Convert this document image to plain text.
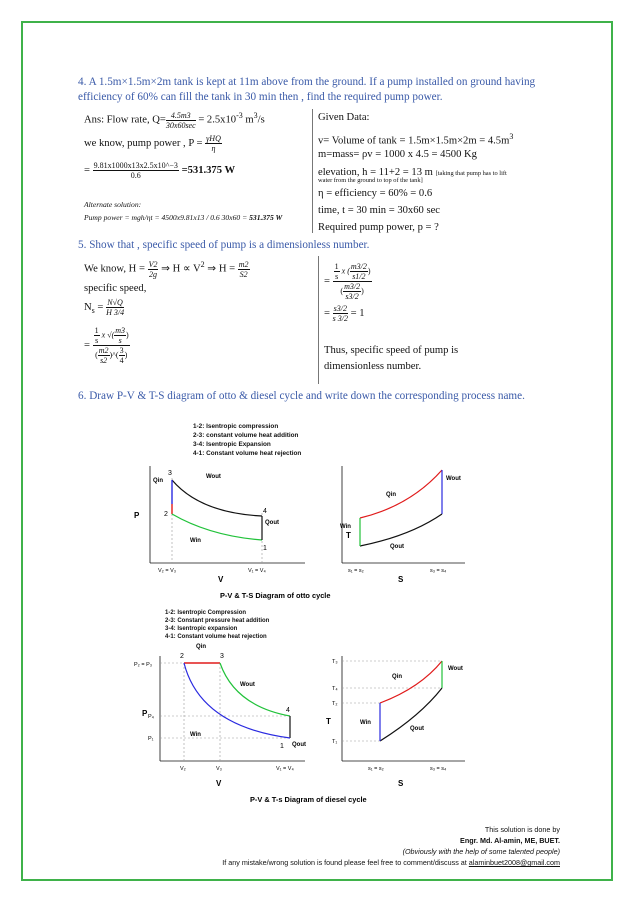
4. A 1.5m×1.5m×2m tank is kept at 11m above from the ground. If a pump installed on ground having efficiency of 60% can fill the tank in 30 min then , find the required pump power.
Ans: Flow rate, $Q= \frac{4.5m3}{30x60\sec} = 2.5x10^{-3}$ $m^3/s$
we know, pump power , $P = \frac{\text{γHQ}}{\eta}$
= $\frac{9.81x1000x13x2.5x10\^{}-3}{0.6} =531.375$ W
Alternate solution:
Pump power = mgh/ηt = 4500x9.81x13 / 0.6 30x60 = 531.375 W
Given Data:
v= Volume of $\tan k = 1.5m\times 1.5m\times 2m = 4.5m^3$
m=mass= ρv = 1000 x 4.5 = 4500 Kg
elevation, h = 11+2 = 13 m [taking that pump has to lift
water from the ground to top of the tank]
η = efficiency = 60% = 0.6
time, t = 30 min = 30x60 sec
Required pump power, p = ?
5. Show that , specific speed of pump is a dimensionless number.
We know, $H = \frac{V2}{2g}$ ⇒ $H \propto V^2$ ⇒ $H = \frac{m2}{S2}$
specific speed,
$N_s = \frac{N√Q}{H 3/4}$
= $\frac{\frac{1}{s} x √( \frac{m3}{s} )}{( \frac{m2}{s2} )\^{}( \frac{3}{4} )}$
= $\frac{\frac{1}{s} x ( \frac{m3/2}{s1/2} )}{( \frac{m3/2}{s3/2} )}$
= $\frac{s3/2}{s 3/2} = 1$
Thus, specific speed of pump is
dimensionless number.
6. Draw P-V & T-S diagram of otto & diesel cycle and write down the corresponding process name.
1-2: Isentropic compression
2-3: constant volume heat addition
3-4: Isentropic Expansion
4-1: Constant volume heat rejection
3
2	4
1
P
V
V₂ = V₃	V₁ = V₄
Qin
Wout
Qout
Win
T
S
s₁ = s₂	s₃ = s₄
Qin
Wout
Qout
Win
P-V & T-S Diagram of otto cycle
1-2: Isentropic Compression
2-3: Constant pressure heat addition
3-4: Isentropic expansion
4-1: Constant volume heat rejection
2	3
4
1
P
V
P₂ = P₃
P₄
P₁
V₂	V₃	V₁ = V₄
Qin
Wout
Qout
Win
T
S
T₃
T₄
T₂
T₁
s₁ = s₂	s₃ = s₄
Qin
Wout
Qout
Win
P-V & T-s Diagram of diesel cycle
This solution is done by
Engr. Md. Al-amin, ME, BUET.
(Obviously with the help of some talented people)
If any mistake/wrong solution is found please feel free to comment/discuss at alaminbuet2008@gmail.com
